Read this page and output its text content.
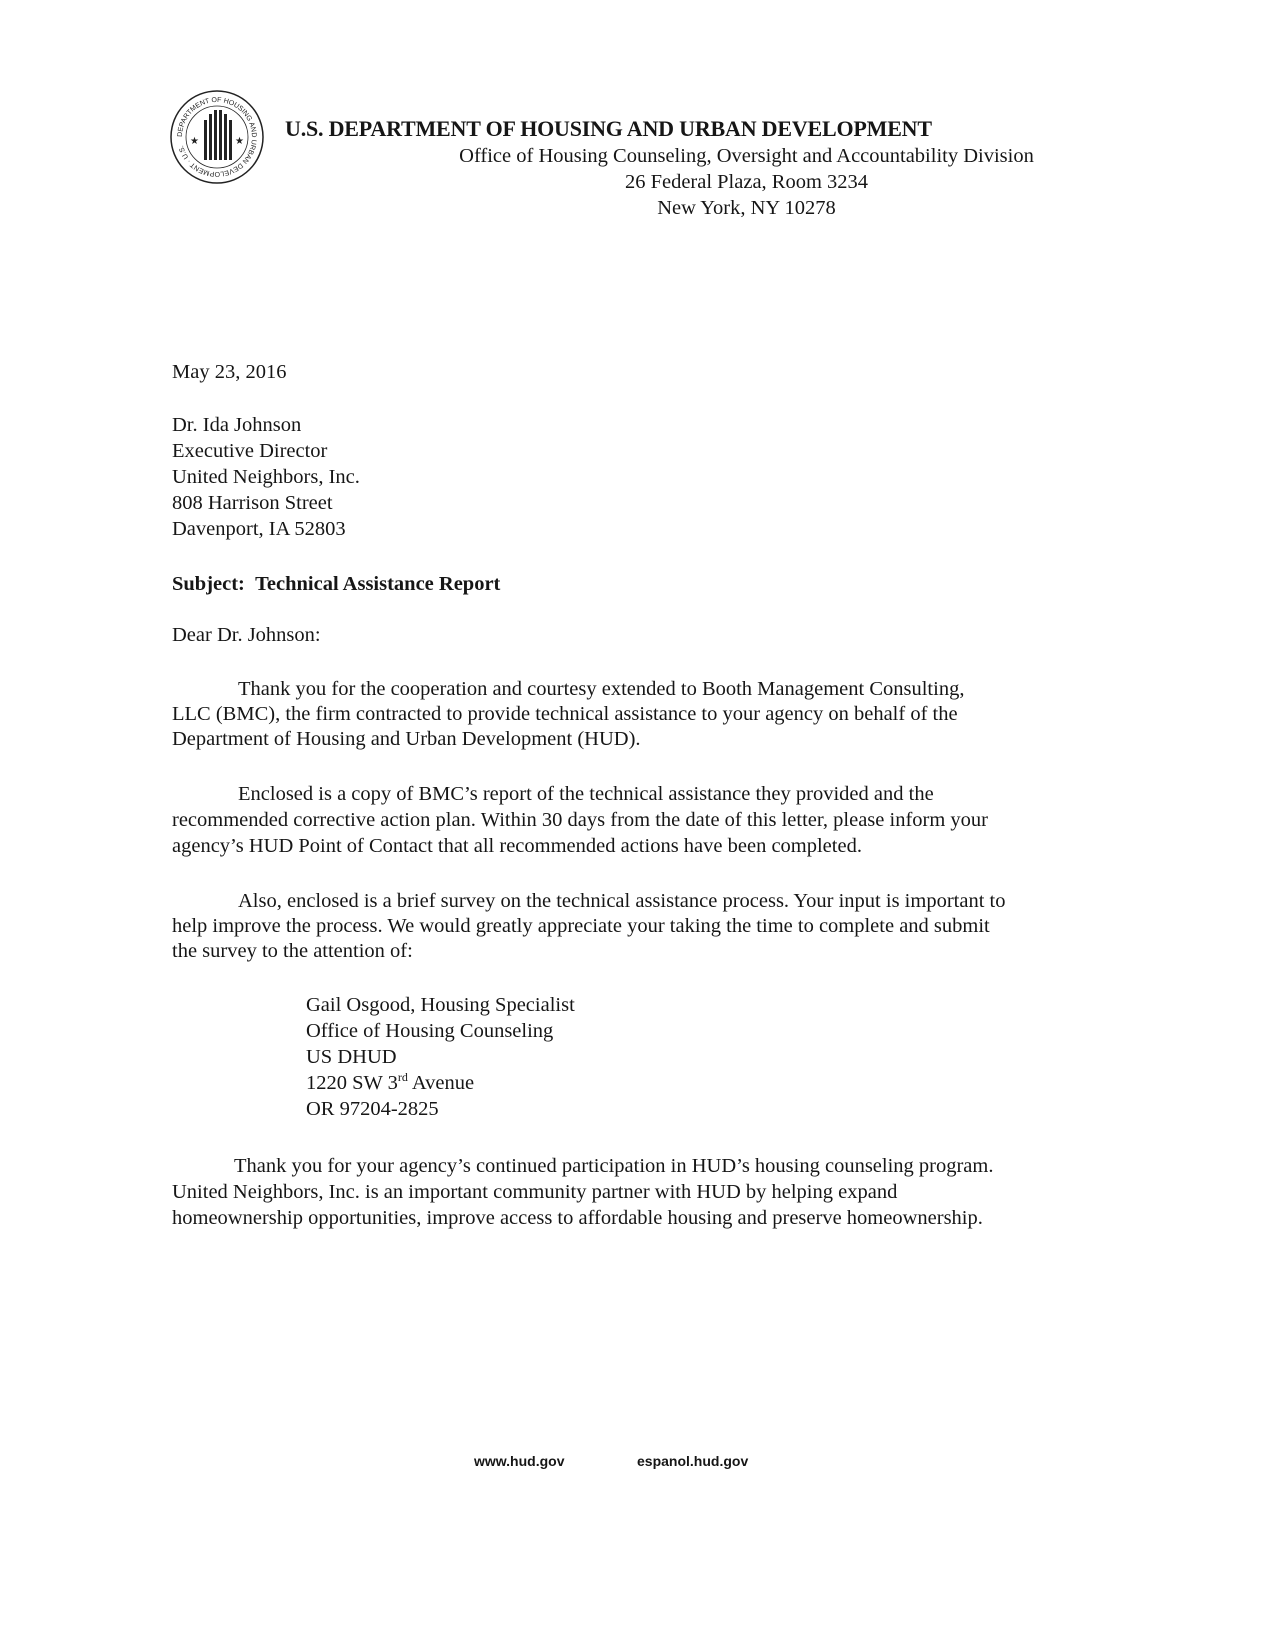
★	★
DEPARTMENT OF HOUSING AND URBAN DEVELOPMENT · U.S.
U.S. DEPARTMENT OF HOUSING AND URBAN DEVELOPMENT
Office of Housing Counseling, Oversight and Accountability Division
26 Federal Plaza, Room 3234
New York, NY 10278
May 23, 2016
Dr. Ida Johnson
Executive Director
United Neighbors, Inc.
808 Harrison Street
Davenport, IA 52803
Subject: Technical Assistance Report
Dear Dr. Johnson:
Thank you for the cooperation and courtesy extended to Booth Management Consulting,
LLC (BMC), the firm contracted to provide technical assistance to your agency on behalf of the
Department of Housing and Urban Development (HUD).
Enclosed is a copy of BMC’s report of the technical assistance they provided and the
recommended corrective action plan. Within 30 days from the date of this letter, please inform your
agency’s HUD Point of Contact that all recommended actions have been completed.
Also, enclosed is a brief survey on the technical assistance process. Your input is important to
help improve the process. We would greatly appreciate your taking the time to complete and submit
the survey to the attention of:
Gail Osgood, Housing Specialist
Office of Housing Counseling
US DHUD
1220 SW 3rd Avenue
OR 97204-2825
Thank you for your agency’s continued participation in HUD’s housing counseling program.
United Neighbors, Inc. is an important community partner with HUD by helping expand
homeownership opportunities, improve access to affordable housing and preserve homeownership.
www.hud.gov	espanol.hud.gov
